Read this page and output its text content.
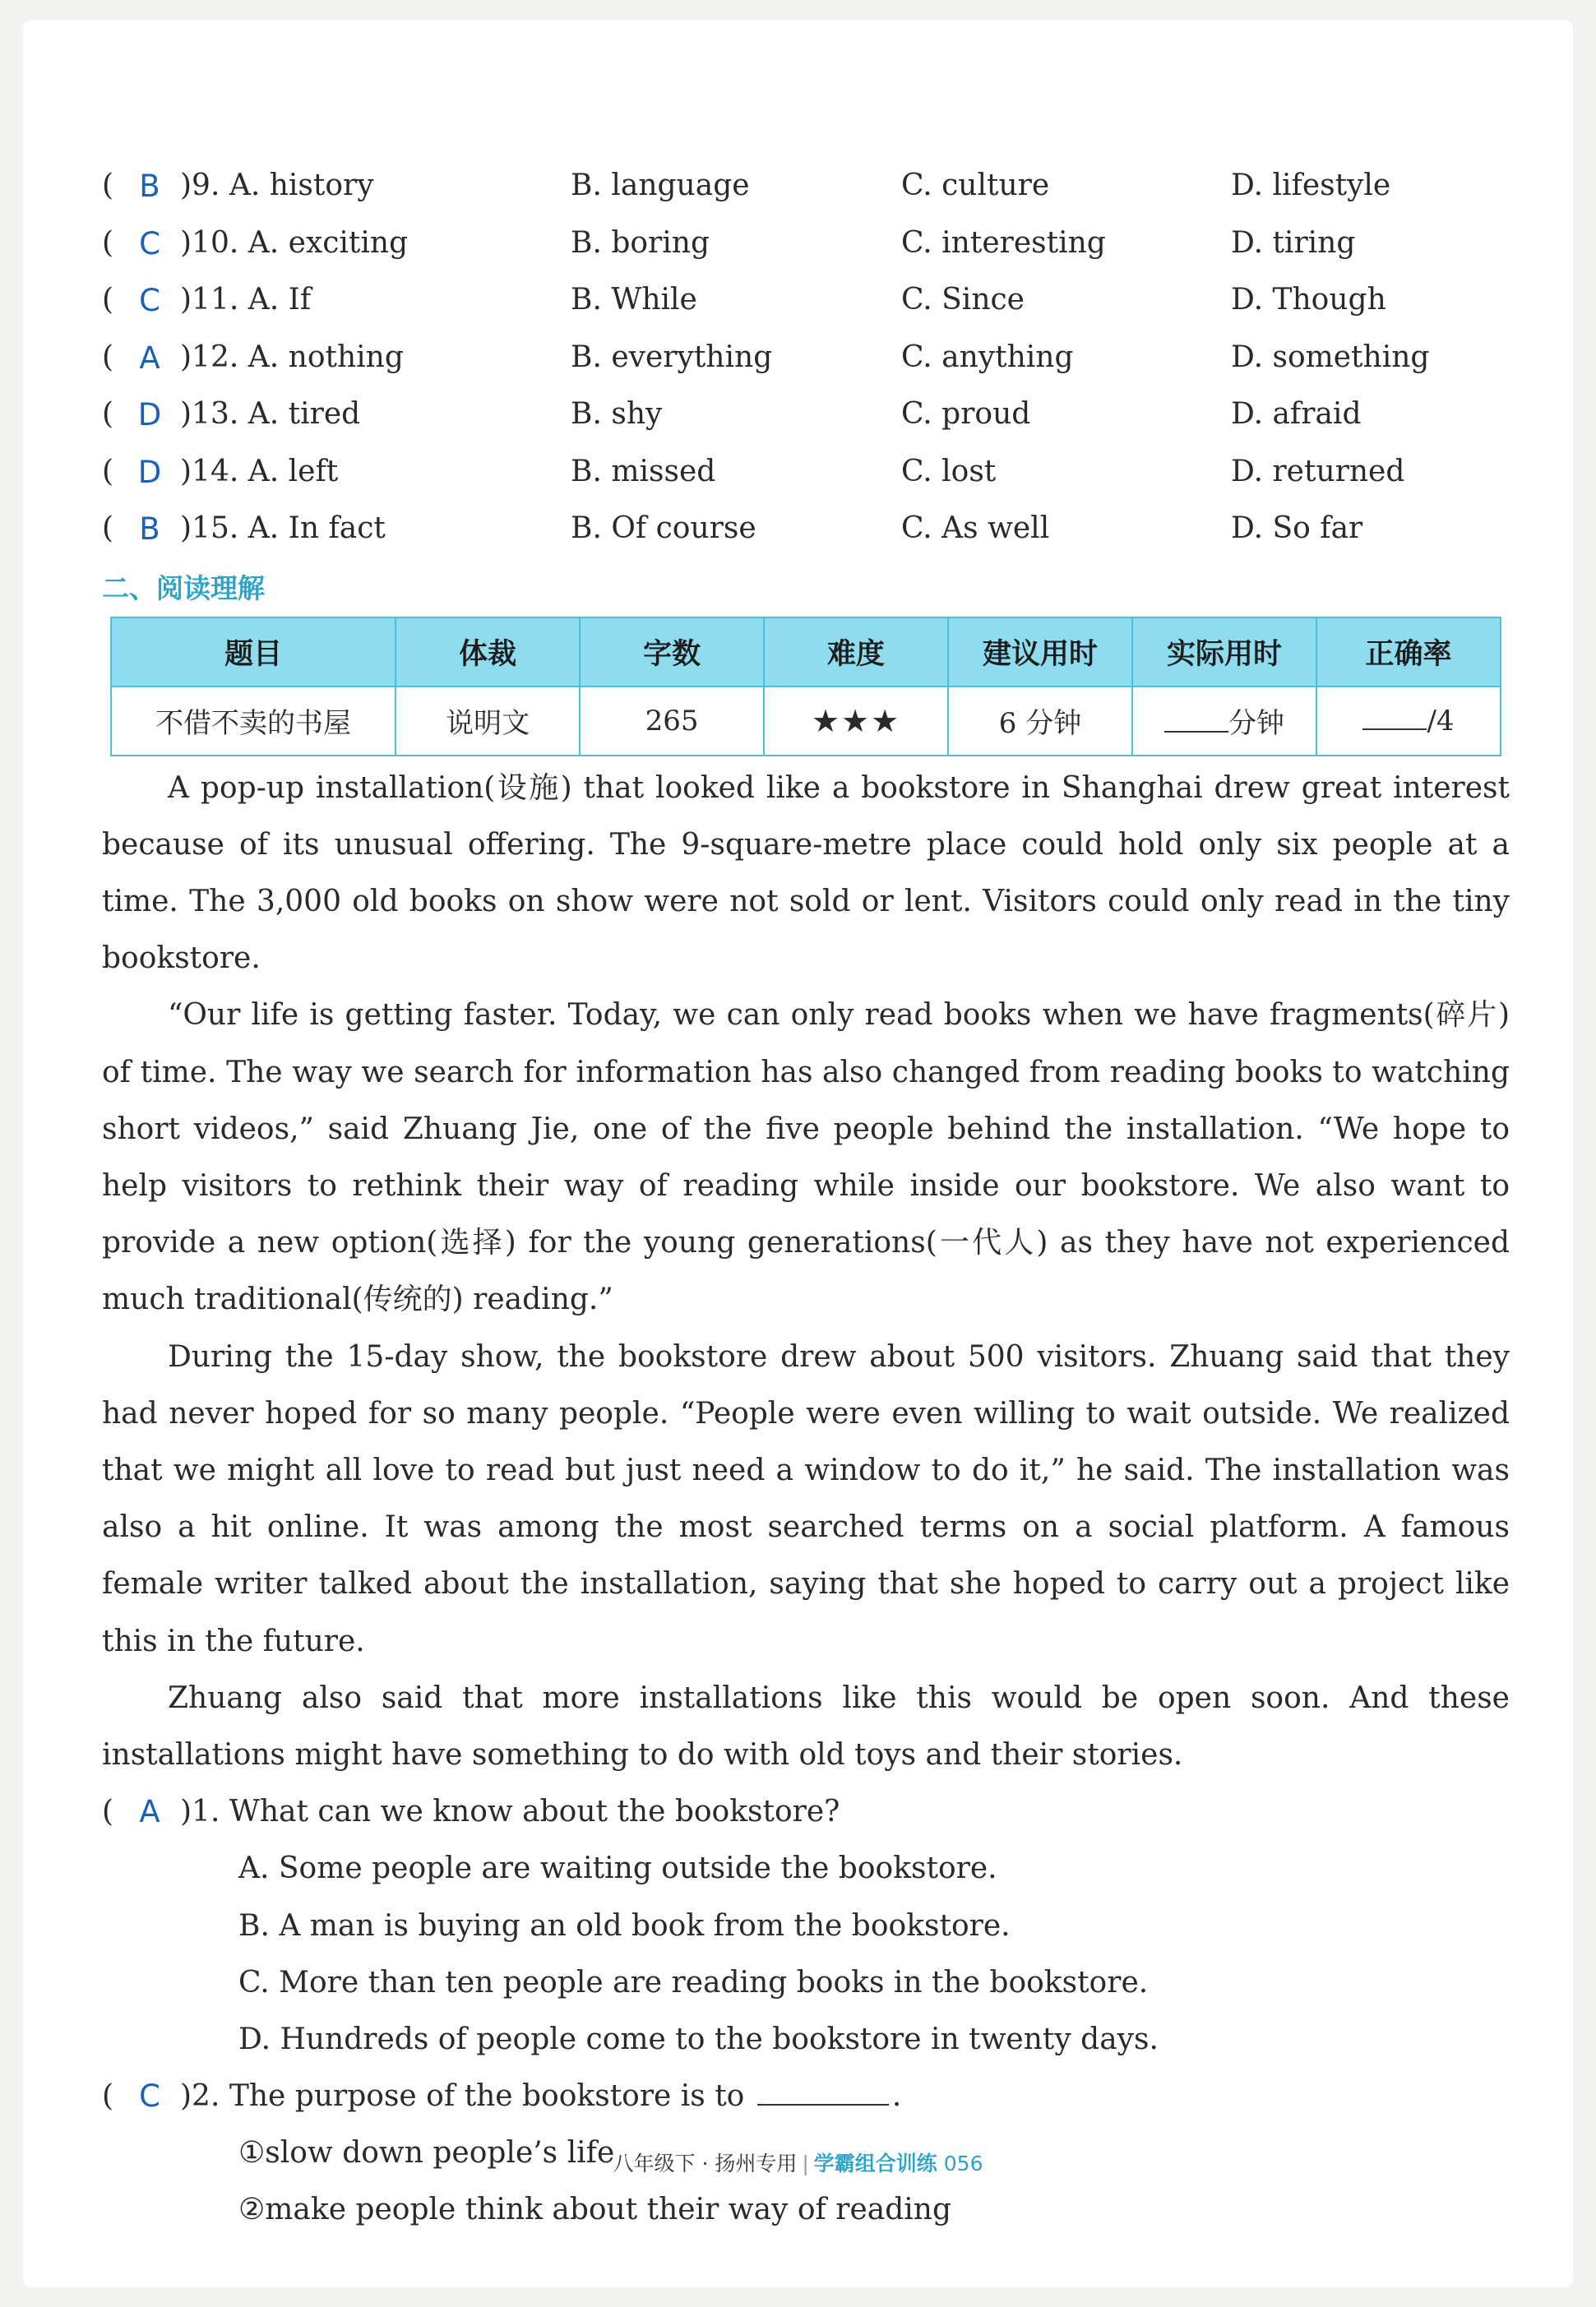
( B )9. A. history	B. language	C. culture	D. lifestyle
( C )10. A. exciting	B. boring	C. interesting	D. tiring
( C )11. A. If	B. While	C. Since	D. Though
( A )12. A. nothing	B. everything	C. anything	D. something
( D )13. A. tired	B. shy	C. proud	D. afraid
( D )14. A. left	B. missed	C. lost	D. returned
( B )15. A. In fact	B. Of course	C. As well	D. So far
二、阅读理解
题目	体裁	字数	难度	建议用时	实际用时	正确率
不借不卖的书屋	说明文	265	★★★	6 分钟	分钟	/4

A pop-up installation(设施) that looked like a bookstore in Shanghai drew great interest because of its unusual offering. The 9-square-metre place could hold only six people at a time. The 3,000 old books on show were not sold or lent. Visitors could only read in the tiny bookstore.

“Our life is getting faster. Today, we can only read books when we have fragments(碎片) of time. The way we search for information has also changed from reading books to watching short videos,” said Zhuang Jie, one of the five people behind the installation. “We hope to help visitors to rethink their way of reading while inside our bookstore. We also want to provide a new option(选择) for the young generations(一代人) as they have not experienced much traditional(传统的) reading.”

During the 15-day show, the bookstore drew about 500 visitors. Zhuang said that they had never hoped for so many people. “People were even willing to wait outside. We realized that we might all love to read but just need a window to do it,” he said. The installation was also a hit online. It was among the most searched terms on a social platform. A famous female writer talked about the installation, saying that she hoped to carry out a project like this in the future.

Zhuang also said that more installations like this would be open soon. And these installations might have something to do with old toys and their stories.

( A )1. What can we know about the bookstore?
A. Some people are waiting outside the bookstore.
B. A man is buying an old book from the bookstore.
C. More than ten people are reading books in the bookstore.
D. Hundreds of people come to the bookstore in twenty days.
( C )2. The purpose of the bookstore is to	.
①slow down people’s life
②make people think about their way of reading
八年级下 · 扬州专用 | 学霸组合训练 056
